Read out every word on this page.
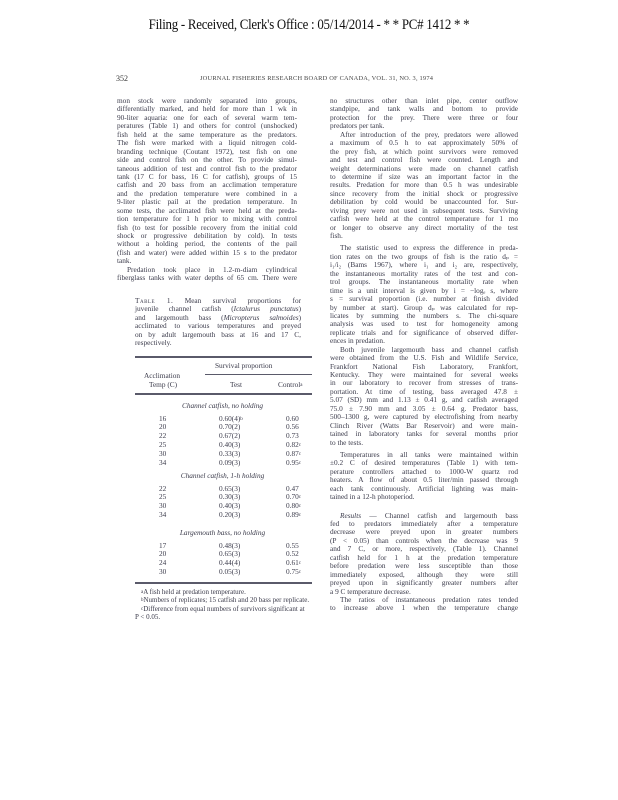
Filing - Received, Clerk's Office : 05/14/2014 - * * PC# 1412 * *
352	JOURNAL FISHERIES RESEARCH BOARD OF CANADA, VOL. 31, NO. 3, 1974
mon stock were randomly separated into groups,
differentially marked, and held for more than 1 wk in
90-liter aquaria: one for each of several warm tem-
peratures (Table 1) and others for control (unshocked)
fish held at the same temperature as the predators.
The fish were marked with a liquid nitrogen cold-
branding technique (Coutant 1972), test fish on one
side and control fish on the other. To provide simul-
taneous addition of test and control fish to the predator
tank (17 C for bass, 16 C for catfish), groups of 15
catfish and 20 bass from an acclimation temperature
and the predation temperature were combined in a
9-liter plastic pail at the predation temperature. In
some tests, the acclimated fish were held at the preda-
tion temperature for 1 h prior to mixing with control
fish (to test for possible recovery from the initial cold
shock or progressive debilitation by cold). In tests
without a holding period, the contents of the pail
(fish and water) were added within 15 s to the predator
tank.
Predation took place in 1.2-m-diam cylindrical
fiberglass tanks with water depths of 65 cm. There were
Table 1. Mean survival proportions for
juvenile channel catfish (Ictalurus punctatus)
and largemouth bass (Micropterus salmoides)
acclimated to various temperatures and preyed
on by adult largemouth bass at 16 and 17 C,
respectively.
Survival proportion
Acclimation
Temp (C)	Test	Control$^a$
Channel catfish, no holding
16	$0.60(4)^b$	0.60
20	0.70(2)	0.56
22	0.67(2)	0.73
25	0.40(3)	0.82$^c$
30	0.33(3)	0.87$^c$
34	0.09(3)	0.95$^c$
Channel catfish, 1-h holding
22	0.65(3)	0.47
25	0.30(3)	0.70$^c$
30	0.40(3)	0.80$^c$
34	0.20(3)	0.89$^c$
Largemouth bass, no holding
17	0.48(3)	0.55
20	0.65(3)	0.52
24	0.44(4)	0.61$^c$
30	0.05(3)	0.75$^c$
$^a$A fish held at predation temperature.
$^b$Numbers of replicates; 15 catfish and 20 bass per replicate.
$^c$Difference from equal numbers of survivors significant at P < 0.05.
no structures other than inlet pipe, center outflow
standpipe, and tank walls and bottom to provide
protection for the prey. There were three or four
predators per tank.
After introduction of the prey, predators were allowed
a maximum of 0.5 h to eat approximately 50% of
the prey fish, at which point survivors were removed
and test and control fish were counted. Length and
weight determinations were made on channel catfish
to determine if size was an important factor in the
results. Predation for more than 0.5 h was undesirable
since recovery from the initial shock or progressive
debilitation by cold would be unaccounted for. Sur-
viving prey were not used in subsequent tests. Surviving
catfish were held at the control temperature for 1 mo
or longer to observe any direct mortality of the test
fish.
The statistic used to express the difference in preda-
tion rates on the two groups of fish is the ratio dₚ =
i₁/i₂ (Bams 1967), where i₁ and i₂ are, respectively,
the instantaneous mortality rates of the test and con-
trol groups. The instantaneous mortality rate when
time is a unit interval is given by i = −logₑ s, where
s = survival proportion (i.e. number at finish divided
by number at start). Group dₚ was calculated for rep-
licates by summing the numbers s. The chi-square
analysis was used to test for homogeneity among
replicate trials and for significance of observed differ-
ences in predation.
Both juvenile largemouth bass and channel catfish
were obtained from the U.S. Fish and Wildlife Service,
Frankfort National Fish Laboratory, Frankfort,
Kentucky. They were maintained for several weeks
in our laboratory to recover from stresses of trans-
portation. At time of testing, bass averaged 47.8 ±
5.07 (SD) mm and 1.13 ± 0.41 g, and catfish averaged
75.0 ± 7.90 mm and 3.05 ± 0.64 g. Predator bass,
500–1300 g, were captured by electrofishing from nearby
Clinch River (Watts Bar Reservoir) and were main-
tained in laboratory tanks for several months prior
to the tests.
Temperatures in all tanks were maintained within
±0.2 C of desired temperatures (Table 1) with tem-
perature controllers attached to 1000-W quartz rod
heaters. A flow of about 0.5 liter/min passed through
each tank continuously. Artificial lighting was main-
tained in a 12-h photoperiod.
Results — Channel catfish and largemouth bass
fed to predators immediately after a temperature
decrease were preyed upon in greater numbers
(P < 0.05) than controls when the decrease was 9
and 7 C, or more, respectively, (Table 1). Channel
catfish held for 1 h at the predation temperature
before predation were less susceptible than those
immediately exposed, although they were still
preyed upon in significantly greater numbers after
a 9 C temperature decrease.
The ratios of instantaneous predation rates tended
to increase above 1 when the temperature change
